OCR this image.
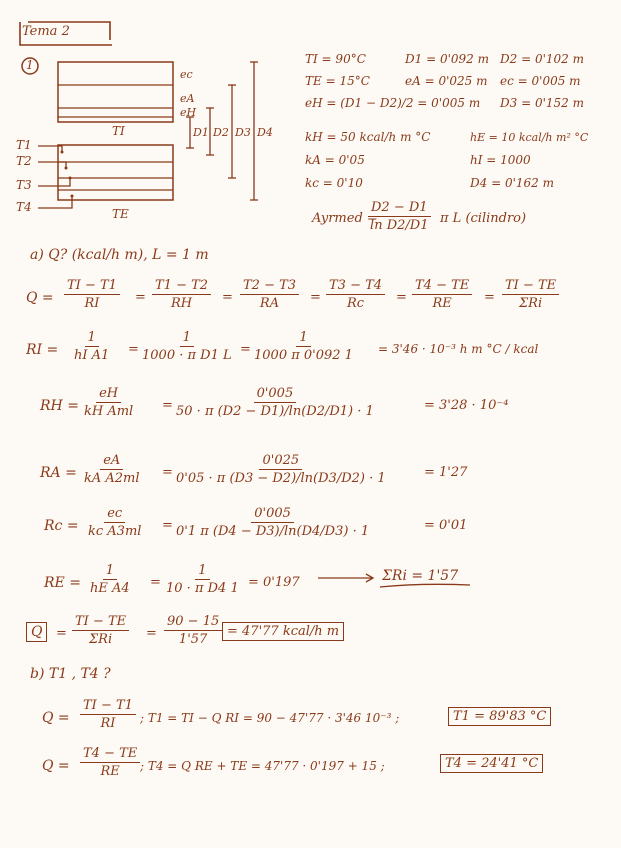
Tema 2
1
ec
eA
eH
T1
T2
T3
T4
TI
TE
D1 D2 D3 D4
TI = 90°C
TE = 15°C
eH = (D1 − D2)/2 = 0'005 m
kH = 50 kcal/h m °C
kA = 0'05
kc = 0'10
D1 = 0'092 m
eA = 0'025 m
D2 = 0'102 m
ec = 0'005 m
D3 = 0'152 m
hE = 10 kcal/h m² °C
hI = 1000
D4 = 0'162 m
Ayrmed =
$\frac{D2 - D1}{\text{ln D2/D1}}$ π L (cilindro)
a) Q? (kcal/h m), L = 1 m
$Q = \frac{TI - T1}{RI} = \frac{T1 - T2}{RH} = \frac{T2 - T3}{RA} = \frac{T3 - T4}{Rc} = \frac{T4 - TE}{RE}$ =
TI − TE
ΣRi
RI = $\frac{1}{\text{hI A1}} = \frac{1}{\text{1000 · π D1 L}} = \frac{1}{1000 \pi 0'092 1} = 3'46 \cdot 10^{-3}$ h m °C / kcal
RH =
eH
kH Aml = $\frac{0'005}{50 \cdot \pi (D2 - D1)/\ln(D2/D1) \cdot 1}$	= 3'28 · 10⁻⁴
RA = $\frac{eA}{\text{kA A2ml}} = \frac{0'025}{0'05 \cdot \pi (D3 - D2)/\ln(D3/D2) \cdot 1}$	= 1'27
$Rc = \frac{ec}{\text{kc A3ml}} = \frac{0'005}{0'1 \pi (D4 - D3)/\ln(D4/D3) \cdot 1}$	= 0'01
RE = $\frac{1}{\text{hE A4}} = \frac{1}{\text{10 · π D4 1}} = 0'197$	ΣRi = 1'57
Q	=
TI − TE
ΣRi	= $\frac{90 - 15}{1'57} = 47'77$ kcal/h m
b) T1 , T4 ?
$Q = \frac{TI - T1}{RI}$ ; T1 = TI − Q RI = 90 − 47'77 · 3'46 10⁻³ ;	T1 = 89'83 °C
$Q = \frac{T4 - TE}{RE}$ ; T4 = Q RE + TE = 47'77 · 0'197 + 15 ;	T4 = 24'41 °C
